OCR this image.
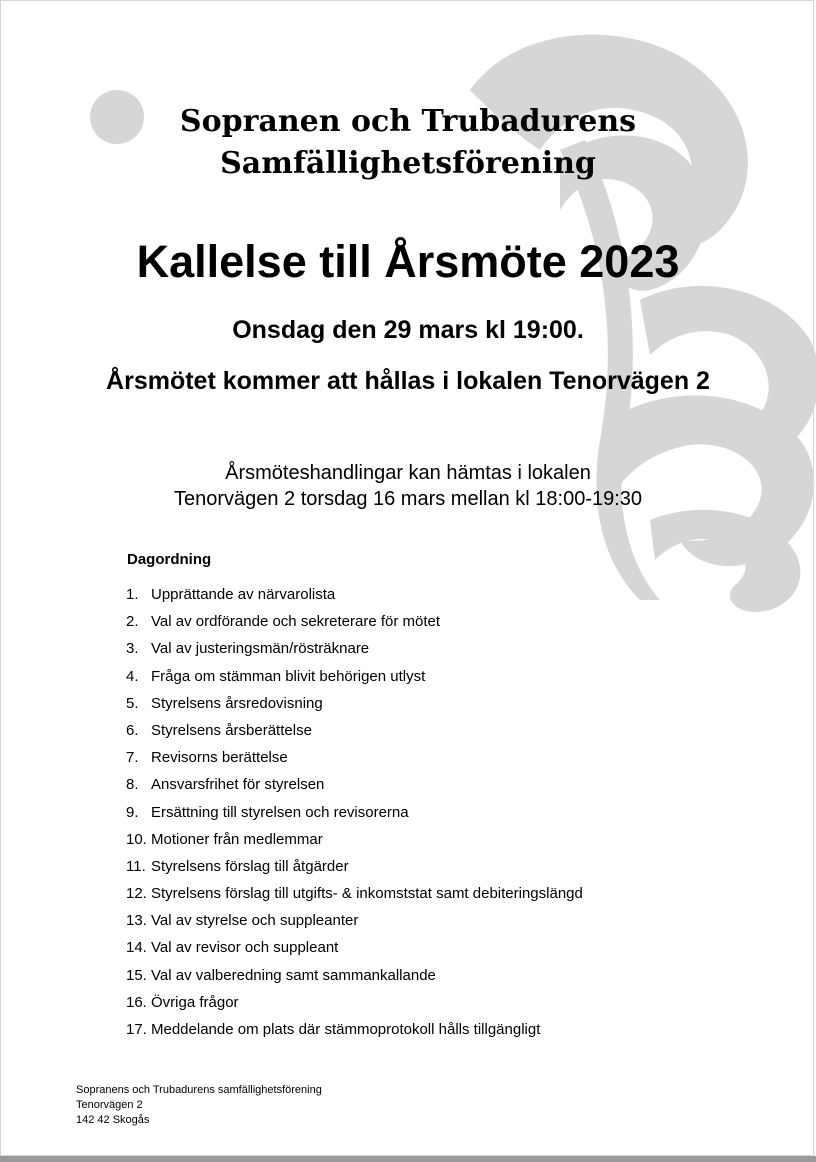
Sopranen och Trubadurens
Samfällighetsförening
Kallelse till Årsmöte 2023
Onsdag den 29 mars kl 19:00.
Årsmötet kommer att hållas i lokalen Tenorvägen 2
Årsmöteshandlingar kan hämtas i lokalen
Tenorvägen 2 torsdag 16 mars mellan kl 18:00-19:30
Dagordning
1. Upprättande av närvarolista
2. Val av ordförande och sekreterare för mötet
3. Val av justeringsmän/rösträknare
4. Fråga om stämman blivit behörigen utlyst
5. Styrelsens årsredovisning
6. Styrelsens årsberättelse
7. Revisorns berättelse
8. Ansvarsfrihet för styrelsen
9. Ersättning till styrelsen och revisorerna
10. Motioner från medlemmar
11. Styrelsens förslag till åtgärder
12. Styrelsens förslag till utgifts- & inkomststat samt debiteringslängd
13. Val av styrelse och suppleanter
14. Val av revisor och suppleant
15. Val av valberedning samt sammankallande
16. Övriga frågor
17. Meddelande om plats där stämmoprotokoll hålls tillgängligt
Sopranens och Trubadurens samfällighetsförening
Tenorvägen 2
142 42 Skogås
